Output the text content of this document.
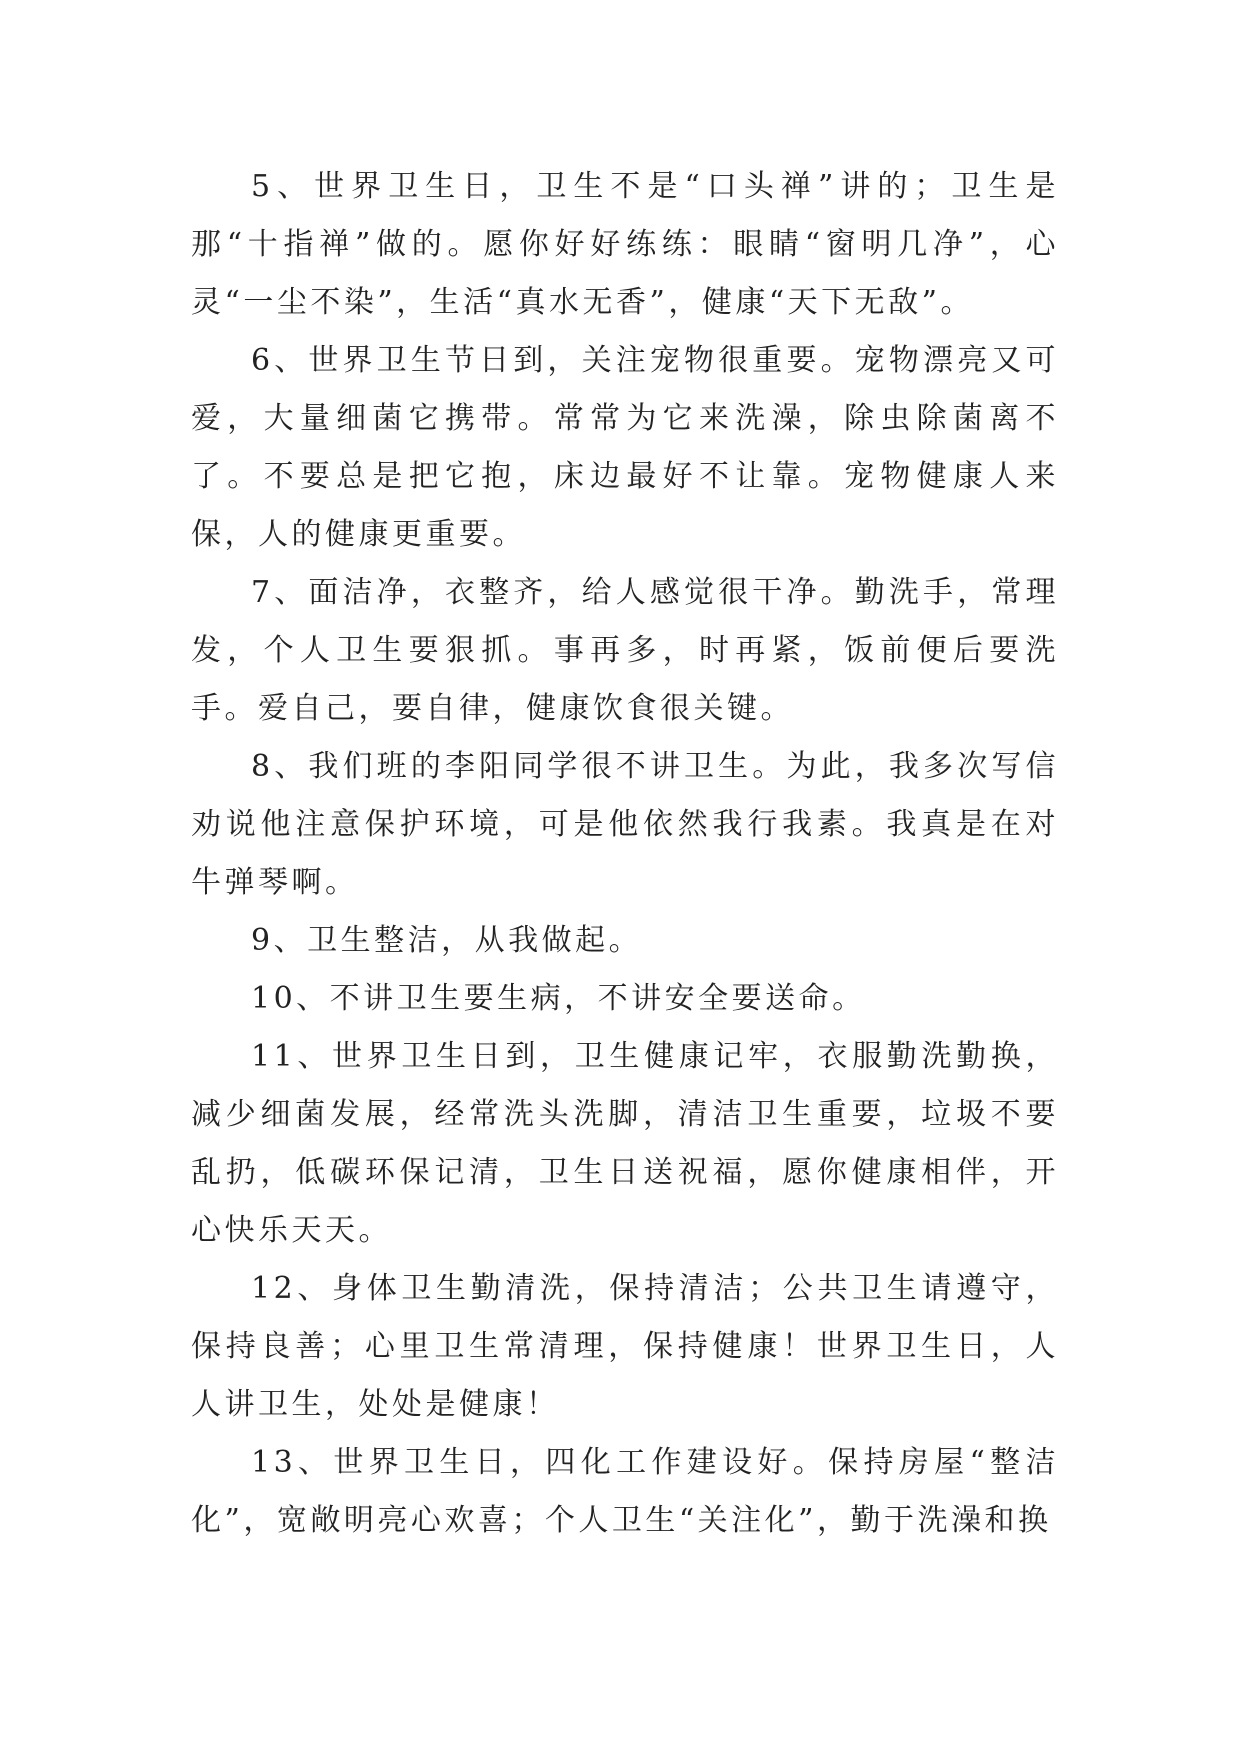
5、世界卫生日，卫生不是“口头禅”讲的；卫生是那“十指禅”做的。愿你好好练练：眼睛“窗明几净”，心灵“一尘不染”，生活“真水无香”，健康“天下无敌”。

6、世界卫生节日到，关注宠物很重要。宠物漂亮又可爱，大量细菌它携带。常常为它来洗澡，除虫除菌离不了。不要总是把它抱，床边最好不让靠。宠物健康人来保，人的健康更重要。

7、面洁净，衣整齐，给人感觉很干净。勤洗手，常理发，个人卫生要狠抓。事再多，时再紧，饭前便后要洗手。爱自己，要自律，健康饮食很关键。

8、我们班的李阳同学很不讲卫生。为此，我多次写信劝说他注意保护环境，可是他依然我行我素。我真是在对牛弹琴啊。

9、卫生整洁，从我做起。

10、不讲卫生要生病，不讲安全要送命。

11、世界卫生日到，卫生健康记牢，衣服勤洗勤换，减少细菌发展，经常洗头洗脚，清洁卫生重要，垃圾不要乱扔，低碳环保记清，卫生日送祝福，愿你健康相伴，开心快乐天天。

12、身体卫生勤清洗，保持清洁；公共卫生请遵守，保持良善；心里卫生常清理，保持健康！世界卫生日，人人讲卫生，处处是健康！

13、世界卫生日，四化工作建设好。保持房屋“整洁化”，宽敞明亮心欢喜；个人卫生“关注化”，勤于洗澡和换
